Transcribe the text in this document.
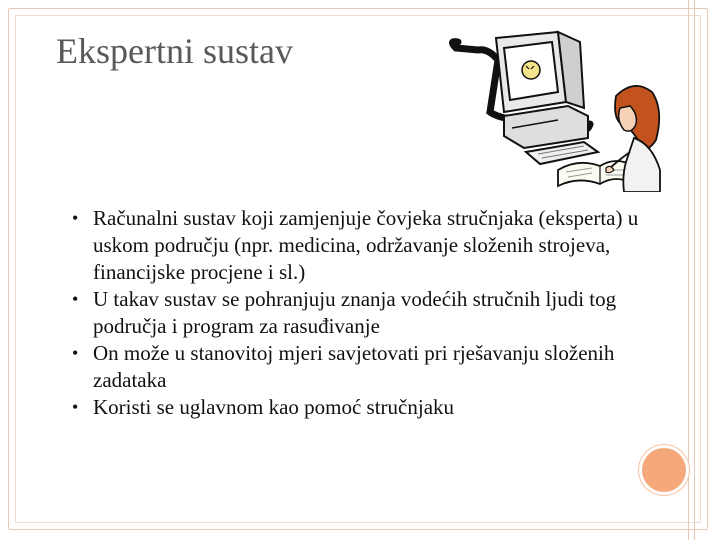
Ekspertni sustav
• Računalni sustav koji zamjenjuje čovjeka stručnjaka (eksperta) u uskom području (npr. medicina, održavanje složenih strojeva, financijske procjene i sl.)
• U takav sustav se pohranjuju znanja vodećih stručnih ljudi tog područja i program za rasuđivanje
• On može u stanovitoj mjeri savjetovati pri rješavanju složenih zadataka
• Koristi se uglavnom kao pomoć stručnjaku
